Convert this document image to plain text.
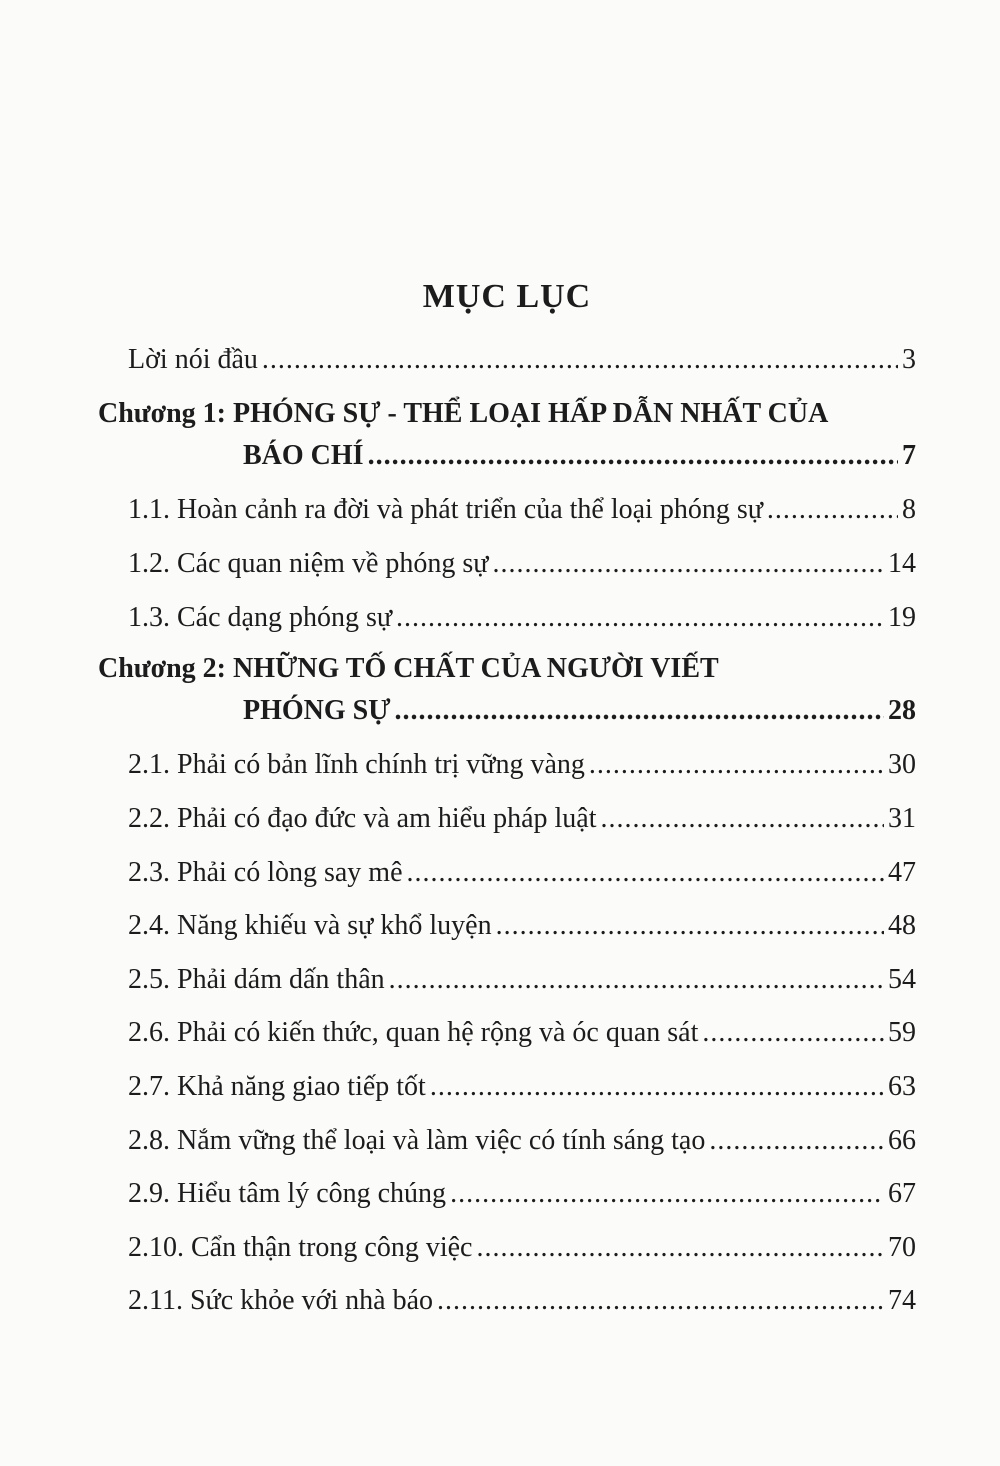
MỤC LỤC
Lời nói đầu .....	3
Chương 1: PHÓNG SỰ - THỂ LOẠI HẤP DẪN NHẤT CỦA
BÁO CHÍ .....	7
1.1. Hoàn cảnh ra đời và phát triển của thể loại phóng sự .....	8
1.2. Các quan niệm về phóng sự .....	14
1.3. Các dạng phóng sự .....	19
Chương 2: NHỮNG TỐ CHẤT CỦA NGƯỜI VIẾT
PHÓNG SỰ .....	28
2.1. Phải có bản lĩnh chính trị vững vàng .....	30
2.2. Phải có đạo đức và am hiểu pháp luật .....	31
2.3. Phải có lòng say mê .....	47
2.4. Năng khiếu và sự khổ luyện .....	48
2.5. Phải dám dấn thân .....	54
2.6. Phải có kiến thức, quan hệ rộng và óc quan sát .....	59
2.7. Khả năng giao tiếp tốt .....	63
2.8. Nắm vững thể loại và làm việc có tính sáng tạo .....	66
2.9. Hiểu tâm lý công chúng .....	67
2.10. Cẩn thận trong công việc .....	70
2.11. Sức khỏe với nhà báo .....	74
